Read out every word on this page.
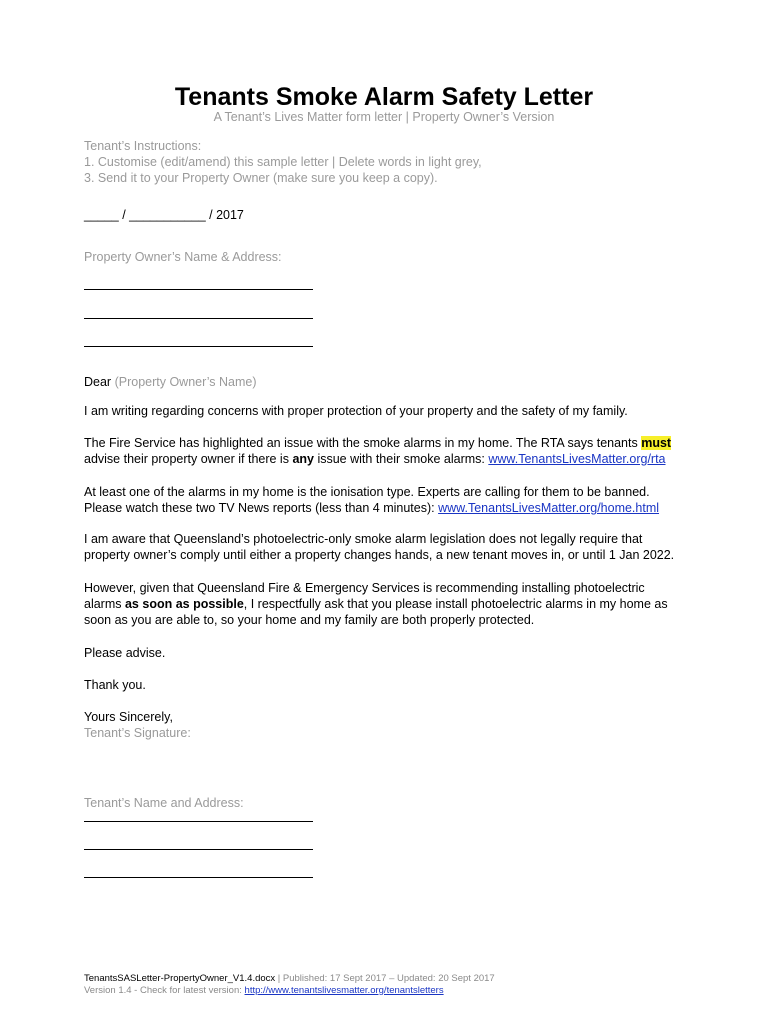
Tenants Smoke Alarm Safety Letter
A Tenant’s Lives Matter form letter | Property Owner’s Version
Tenant’s Instructions:
1. Customise (edit/amend) this sample letter | Delete words in light grey,
3. Send it to your Property Owner (make sure you keep a copy).
_____ / ___________ / 2017
Property Owner’s Name & Address:
Dear (Property Owner’s Name)
I am writing regarding concerns with proper protection of your property and the safety of my family.
The Fire Service has highlighted an issue with the smoke alarms in my home. The RTA says tenants must
advise their property owner if there is any issue with their smoke alarms: www.TenantsLivesMatter.org/rta
At least one of the alarms in my home is the ionisation type. Experts are calling for them to be banned.
Please watch these two TV News reports (less than 4 minutes): www.TenantsLivesMatter.org/home.html
I am aware that Queensland’s photoelectric-only smoke alarm legislation does not legally require that
property owner’s comply until either a property changes hands, a new tenant moves in, or until 1 Jan 2022.
However, given that Queensland Fire & Emergency Services is recommending installing photoelectric
alarms as soon as possible, I respectfully ask that you please install photoelectric alarms in my home as
soon as you are able to, so your home and my family are both properly protected.
Please advise.
Thank you.
Yours Sincerely,
Tenant’s Signature:
Tenant’s Name and Address:
TenantsSASLetter-PropertyOwner_V1.4.docx | Published: 17 Sept 2017 – Updated: 20 Sept 2017
Version 1.4 - Check for latest version: http://www.tenantslivesmatter.org/tenantsletters
